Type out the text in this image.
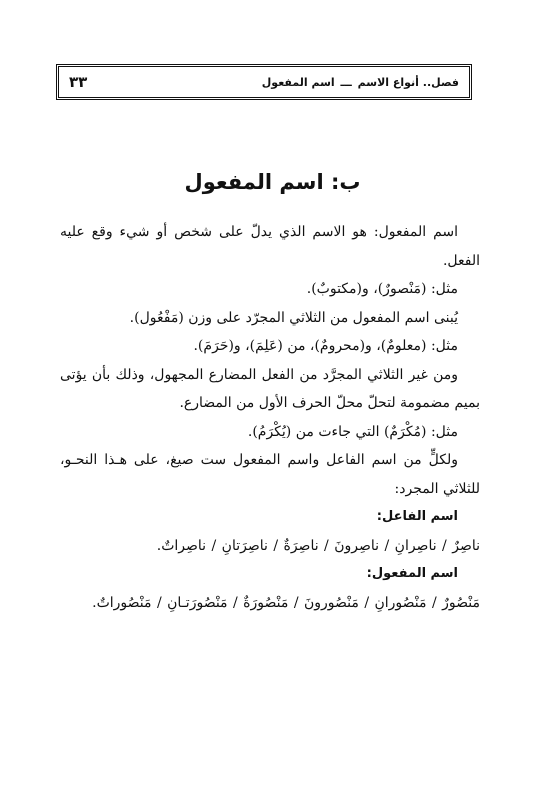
فصل.. أنواع الاسم ـــ اسم المفعول
٣٣
ب: اسم المفعول

اسم المفعول: هو الاسم الذي يدلّ على شخص أو شيء وقع عليه الفعل.

مثل: (مَنْصورٌ)، و(مكتوبٌ).

يُبنى اسم المفعول من الثلاثي المجرّد على وزن (مَفْعُول).

مثل: (معلومٌ)، و(محرومٌ)، من (عَلِمَ)، و(حَرَمَ).

ومن غير الثلاثي المجرَّد من الفعل المضارع المجهول، وذلك بأن يؤتى بميم مضمومة لتحلّ محلّ الحرف الأول من المضارع.

مثل: (مُكْرَمٌ) التي جاءت من (يُكْرَمُ).

ولكلٍّ من اسم الفاعل واسم المفعول ست صيغ، على هـذا النحـو، للثلاثي المجرد:

اسم الفاعل:

ناصِرٌ / ناصِرانِ / ناصِرونَ / ناصِرَةٌ / ناصِرَتانِ / ناصِراتٌ.

اسم المفعول:

مَنْصُورٌ / مَنْصُورانِ / مَنْصُورونَ / مَنْصُورَةٌ / مَنْصُورَتـانِ / مَنْصُوراتٌ.
